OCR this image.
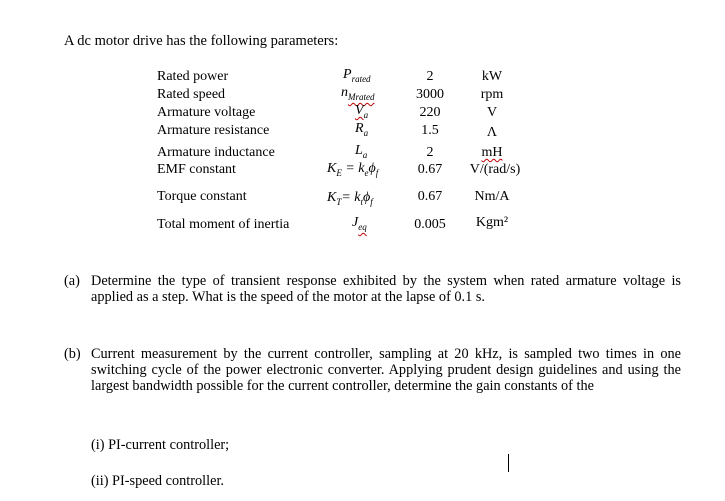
A dc motor drive has the following parameters:
Rated power	$P_{rated}$	2	kW
Rated speed	$n_{Mrated}$	3000	rpm
Armature voltage	$V_a$	220	V
Armature resistance	$R_a$	1.5	Λ
Armature inductance	$L_a$	2	mH
EMF constant	$K_E = k_e\phi_f$	0.67	V/(rad/s)
Torque constant	$K_T= k_t\phi_f$	0.67	Nm/A
Total moment of inertia	$J_{eq}$	0.005	Kgm²
(a) Determine the type of transient response exhibited by the system when rated armature voltage is applied as a step. What is the speed of the motor at the lapse of 0.1 s.
(b) Current measurement by the current controller, sampling at 20 kHz, is sampled two times in one switching cycle of the power electronic converter. Applying prudent design guidelines and using the largest bandwidth possible for the current controller, determine the gain constants of the
(i) PI-current controller;
(ii) PI-speed controller.
